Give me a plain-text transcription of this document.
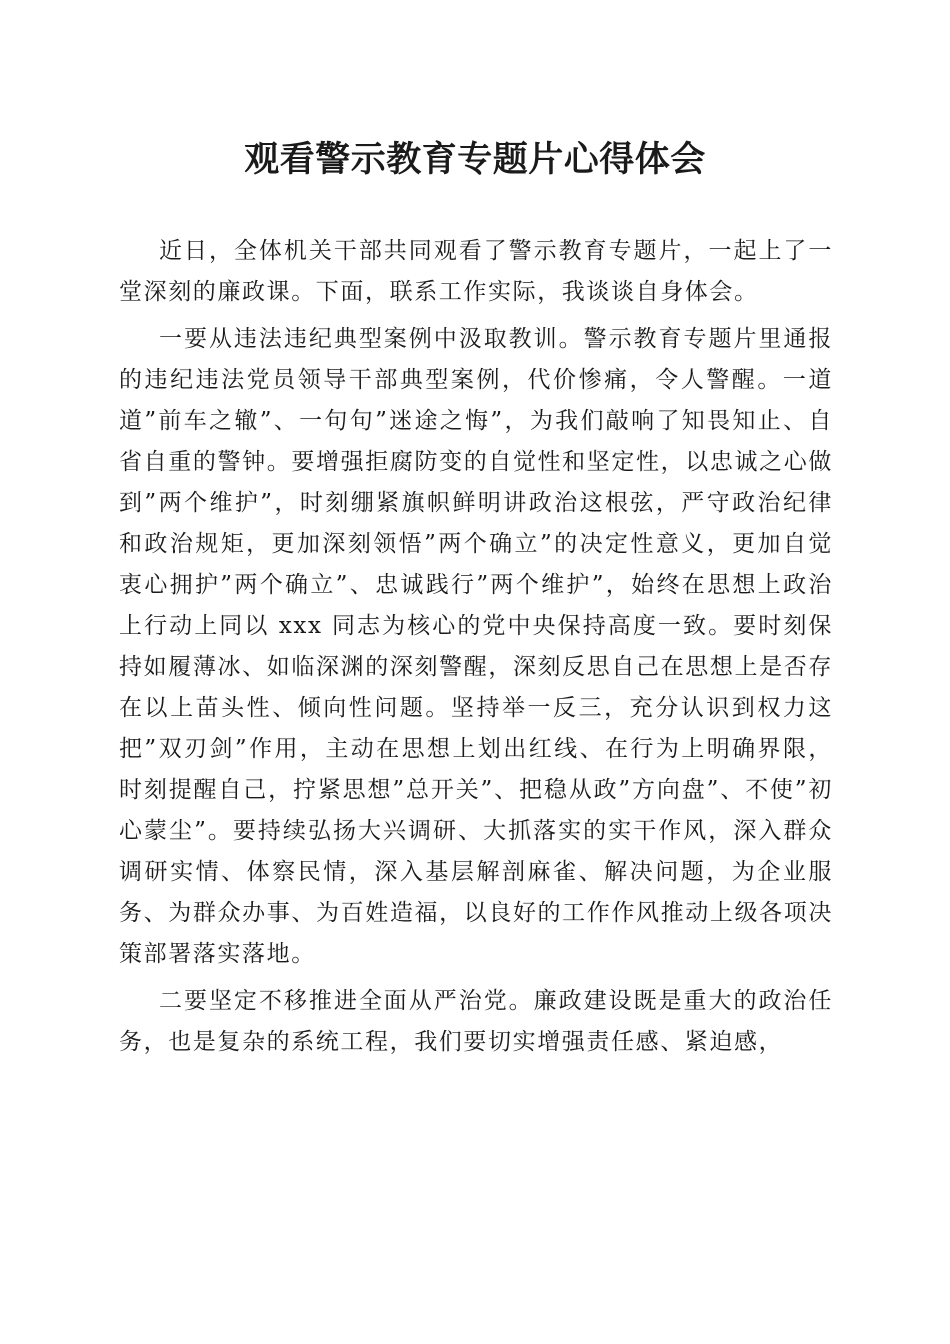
观看警示教育专题片心得体会

近日，全体机关干部共同观看了警示教育专题片，一起上了一堂深刻的廉政课。下面，联系工作实际，我谈谈自身体会。

一要从违法违纪典型案例中汲取教训。警示教育专题片里通报的违纪违法党员领导干部典型案例，代价惨痛，令人警醒。一道道”前车之辙”、一句句”迷途之悔”，为我们敲响了知畏知止、自省自重的警钟。要增强拒腐防变的自觉性和坚定性，以忠诚之心做到”两个维护”，时刻绷紧旗帜鲜明讲政治这根弦，严守政治纪律和政治规矩，更加深刻领悟”两个确立”的决定性意义，更加自觉衷心拥护”两个确立”、忠诚践行”两个维护”，始终在思想上政治上行动上同以 xxx 同志为核心的党中央保持高度一致。要时刻保持如履薄冰、如临深渊的深刻警醒，深刻反思自己在思想上是否存在以上苗头性、倾向性问题。坚持举一反三，充分认识到权力这把”双刃剑”作用，主动在思想上划出红线、在行为上明确界限，时刻提醒自己，拧紧思想”总开关”、把稳从政”方向盘”、不使”初心蒙尘”。要持续弘扬大兴调研、大抓落实的实干作风，深入群众调研实情、体察民情，深入基层解剖麻雀、解决问题，为企业服务、为群众办事、为百姓造福，以良好的工作作风推动上级各项决策部署落实落地。

二要坚定不移推进全面从严治党。廉政建设既是重大的政治任务，也是复杂的系统工程，我们要切实增强责任感、紧迫感，
